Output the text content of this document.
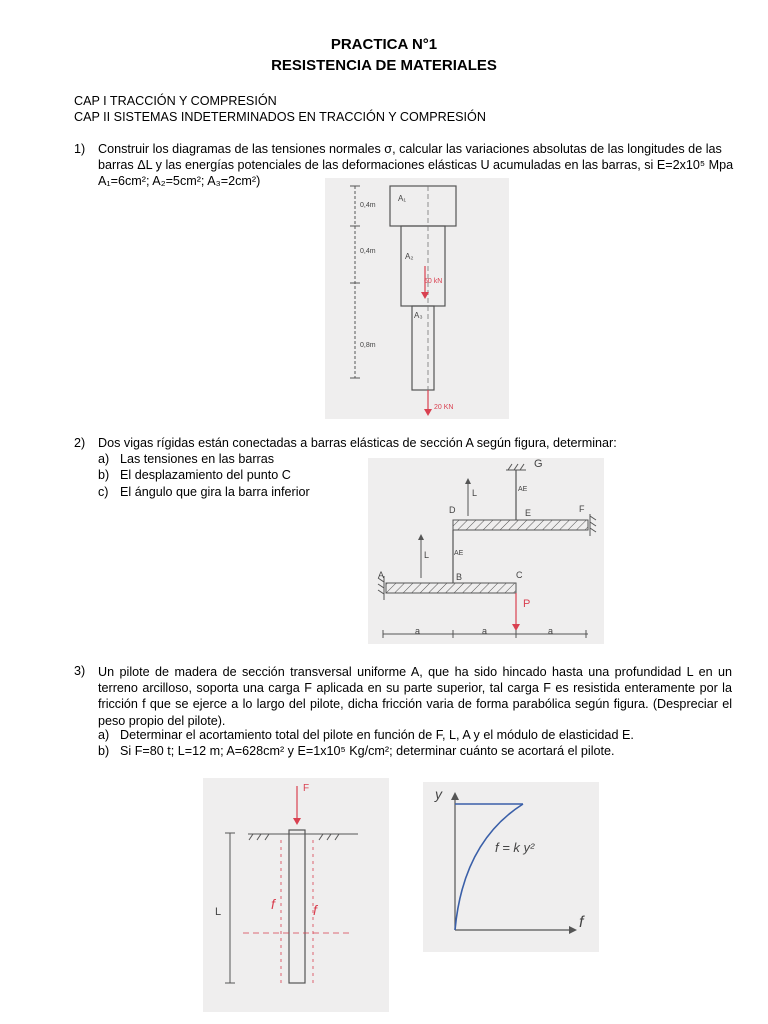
PRACTICA N°1
RESISTENCIA DE MATERIALES
CAP I TRACCIÓN Y COMPRESIÓN
CAP II SISTEMAS INDETERMINADOS EN TRACCIÓN Y COMPRESIÓN
1) Construir los diagramas de las tensiones normales σ, calcular las variaciones absolutas de las longitudes de las
barras ΔL y las energías potenciales de las deformaciones elásticas U acumuladas en las barras, si E=2x10⁵ Mpa
A₁=6cm²; A₂=5cm²; A₃=2cm²)
0,4m
0,4m
0,8m
A₁
A₂
A₃
60 kN
20 KN
2) Dos vigas rígidas están conectadas a barras elásticas de sección A según figura, determinar:
a) Las tensiones en las barras
b) El desplazamiento del punto C
c) El ángulo que gira la barra inferior
G
L	AE
D	E	F
L	AE
A	B	C
P
a	a	a
3) Un pilote de madera de sección transversal uniforme A, que ha sido hincado hasta una profundidad L en un terreno arcilloso, soporta una carga F aplicada en su parte superior, tal carga F es resistida enteramente por la fricción f que se ejerce a lo largo del pilote, dicha fricción varia de forma parabólica según figura. (Despreciar el peso propio del pilote).
a) Determinar el acortamiento total del pilote en función de F, L, A y el módulo de elasticidad E.
b) Si F=80 t; L=12 m; A=628cm² y E=1x10⁵ Kg/cm²; determinar cuánto se acortará el pilote.
F
L	f	f
y
f
f = k y²
